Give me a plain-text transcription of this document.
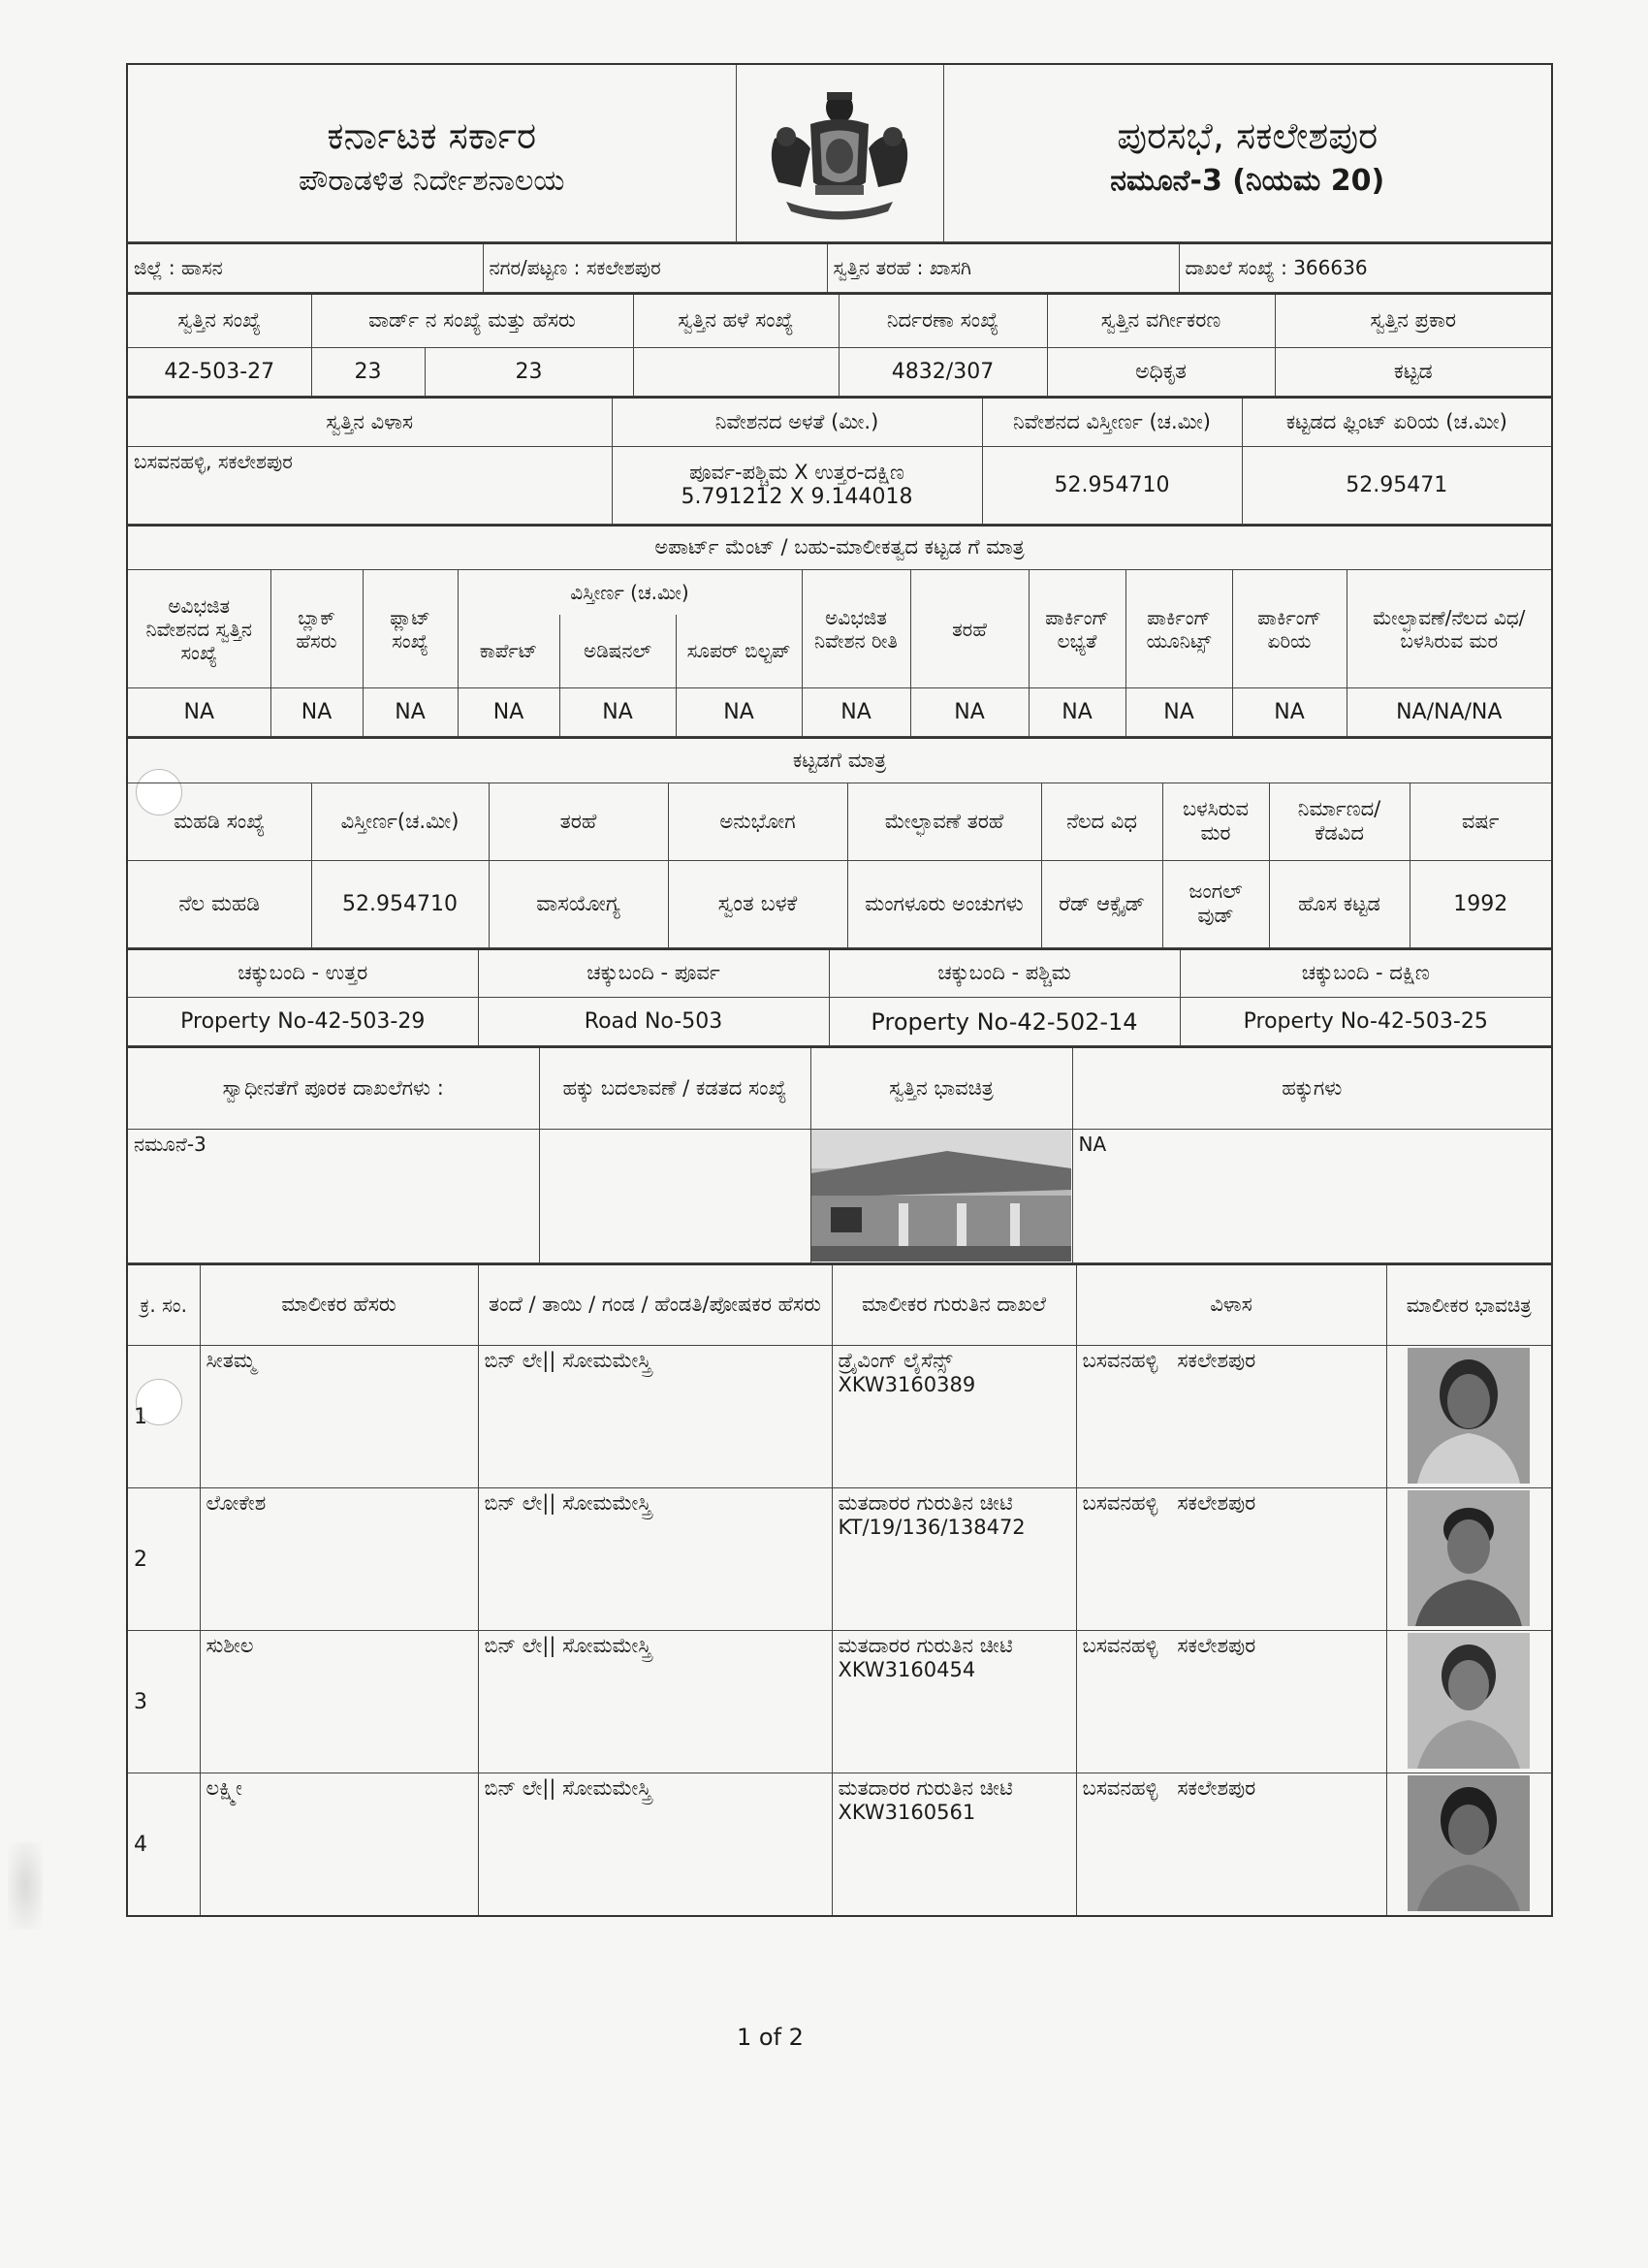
ಕರ್ನಾಟಕ ಸರ್ಕಾರ
ಪೌರಾಡಳಿತ ನಿರ್ದೇಶನಾಲಯ

ಪುರಸಭೆ, ಸಕಲೇಶಪುರ
ನಮೂನೆ-3 (ನಿಯಮ 20)
ಜಿಲ್ಲೆ : ಹಾಸನ	ನಗರ/ಪಟ್ಟಣ : ಸಕಲೇಶಪುರ	ಸ್ವತ್ತಿನ ತರಹೆ : ಖಾಸಗಿ	ದಾಖಲೆ ಸಂಖ್ಯೆ : 366636
ಸ್ವತ್ತಿನ ಸಂಖ್ಯೆ	ವಾರ್ಡ್ ನ ಸಂಖ್ಯೆ ಮತ್ತು ಹೆಸರು		ಸ್ವತ್ತಿನ ಹಳೆ ಸಂಖ್ಯೆ	ನಿರ್ದರಣಾ ಸಂಖ್ಯೆ	ಸ್ವತ್ತಿನ ವರ್ಗೀಕರಣ	ಸ್ವತ್ತಿನ ಪ್ರಕಾರ
42-503-27	23	23		4832/307	ಅಧಿಕೃತ	ಕಟ್ಟಡ
ಸ್ವತ್ತಿನ ವಿಳಾಸ	ನಿವೇಶನದ ಅಳತೆ (ಮೀ.)	ನಿವೇಶನದ ವಿಸ್ತೀರ್ಣ (ಚ.ಮೀ)	ಕಟ್ಟಡದ ಫ್ಲಿಂಟ್ ಏರಿಯ (ಚ.ಮೀ)
ಬಸವನಹಳ್ಳಿ, ಸಕಲೇಶಪುರ	ಪೂರ್ವ-ಪಶ್ಚಿಮ X ಉತ್ತರ-ದಕ್ಷಿಣ
5.791212 X 9.144018	52.954710	52.95471
ಅಪಾರ್ಟ್ ಮೆಂಟ್ / ಬಹು-ಮಾಲೀಕತ್ವದ ಕಟ್ಟಡ ಗೆ ಮಾತ್ರ											
ಅವಿಭಜಿತ ನಿವೇಶನದ ಸ್ವತ್ತಿನ ಸಂಖ್ಯೆ	ಬ್ಲಾಕ್ ಹೆಸರು	ಫ್ಲಾಟ್ ಸಂಖ್ಯೆ	ವಿಸ್ತೀರ್ಣ (ಚ.ಮೀ)			ಅವಿಭಜಿತ ನಿವೇಶನ ರೀತಿ	ತರಹೆ	ಪಾರ್ಕಿಂಗ್ ಲಭ್ಯತೆ	ಪಾರ್ಕಿಂಗ್ ಯೂನಿಟ್ಸ್	ಪಾರ್ಕಿಂಗ್ ಏರಿಯ	ಮೇಲ್ಛಾವಣೆ/ನೆಲದ ವಿಧ/ಬಳಸಿರುವ ಮರ
			ಕಾರ್ಪೆಟ್	ಅಡಿಷನಲ್	ಸೂಪರ್ ಬಿಲ್ಟಪ್						
NA	NA	NA	NA	NA	NA	NA	NA	NA	NA	NA	NA/NA/NA
ಕಟ್ಟಡಗೆ ಮಾತ್ರ								
ಮಹಡಿ ಸಂಖ್ಯೆ	ವಿಸ್ತೀರ್ಣ(ಚ.ಮೀ)	ತರಹೆ	ಅನುಭೋಗ	ಮೇಲ್ಛಾವಣೆ ತರಹೆ	ನೆಲದ ವಿಧ	ಬಳಸಿರುವ ಮರ	ನಿರ್ಮಾಣದ/ ಕೆಡವಿದ	ವರ್ಷ
ನೆಲ ಮಹಡಿ	52.954710	ವಾಸಯೋಗ್ಯ	ಸ್ವಂತ ಬಳಕೆ	ಮಂಗಳೂರು ಅಂಚುಗಳು	ರೆಡ್ ಆಕ್ಸೈಡ್	ಜಂಗಲ್ ವುಡ್	ಹೊಸ ಕಟ್ಟಡ	1992
ಚಕ್ಕುಬಂದಿ - ಉತ್ತರ	ಚಕ್ಕುಬಂದಿ - ಪೂರ್ವ	ಚಕ್ಕುಬಂದಿ - ಪಶ್ಚಿಮ	ಚಕ್ಕುಬಂದಿ - ದಕ್ಷಿಣ
Property No-42-503-29	Road No-503	Property No-42-502-14	Property No-42-503-25
ಸ್ವಾಧೀನತೆಗೆ ಪೂರಕ ದಾಖಲೆಗಳು :	ಹಕ್ಕು ಬದಲಾವಣೆ / ಕಡತದ ಸಂಖ್ಯೆ	ಸ್ವತ್ತಿನ ಭಾವಚಿತ್ರ	ಹಕ್ಕುಗಳು
ನಮೂನೆ-3			NA
ಕ್ರ. ಸಂ.	ಮಾಲೀಕರ ಹೆಸರು	ತಂದೆ / ತಾಯಿ / ಗಂಡ / ಹೆಂಡತಿ/ಪೋಷಕರ ಹೆಸರು	ಮಾಲೀಕರ ಗುರುತಿನ ದಾಖಲೆ	ವಿಳಾಸ	ಮಾಲೀಕರ ಭಾವಚಿತ್ರ
1	ಸೀತಮ್ಮ	ಬಿನ್ ಲೇ|| ಸೋಮಮೇಸ್ತ್ರಿ	ಡ್ರೈವಿಂಗ್ ಲೈಸೆನ್ಸ್
XKW3160389	ಬಸವನಹಳ್ಳಿ   ಸಕಲೇಶಪುರ	

2	ಲೋಕೇಶ	ಬಿನ್ ಲೇ|| ಸೋಮಮೇಸ್ತ್ರಿ	ಮತದಾರರ ಗುರುತಿನ ಚೀಟಿ
KT/19/136/138472	ಬಸವನಹಳ್ಳಿ   ಸಕಲೇಶಪುರ	

3	ಸುಶೀಲ	ಬಿನ್ ಲೇ|| ಸೋಮಮೇಸ್ತ್ರಿ	ಮತದಾರರ ಗುರುತಿನ ಚೀಟಿ
XKW3160454	ಬಸವನಹಳ್ಳಿ   ಸಕಲೇಶಪುರ	

4	ಲಕ್ಷ್ಮೀ	ಬಿನ್ ಲೇ|| ಸೋಮಮೇಸ್ತ್ರಿ	ಮತದಾರರ ಗುರುತಿನ ಚೀಟಿ
XKW3160561	ಬಸವನಹಳ್ಳಿ   ಸಕಲೇಶಪುರ	
1 of 2
